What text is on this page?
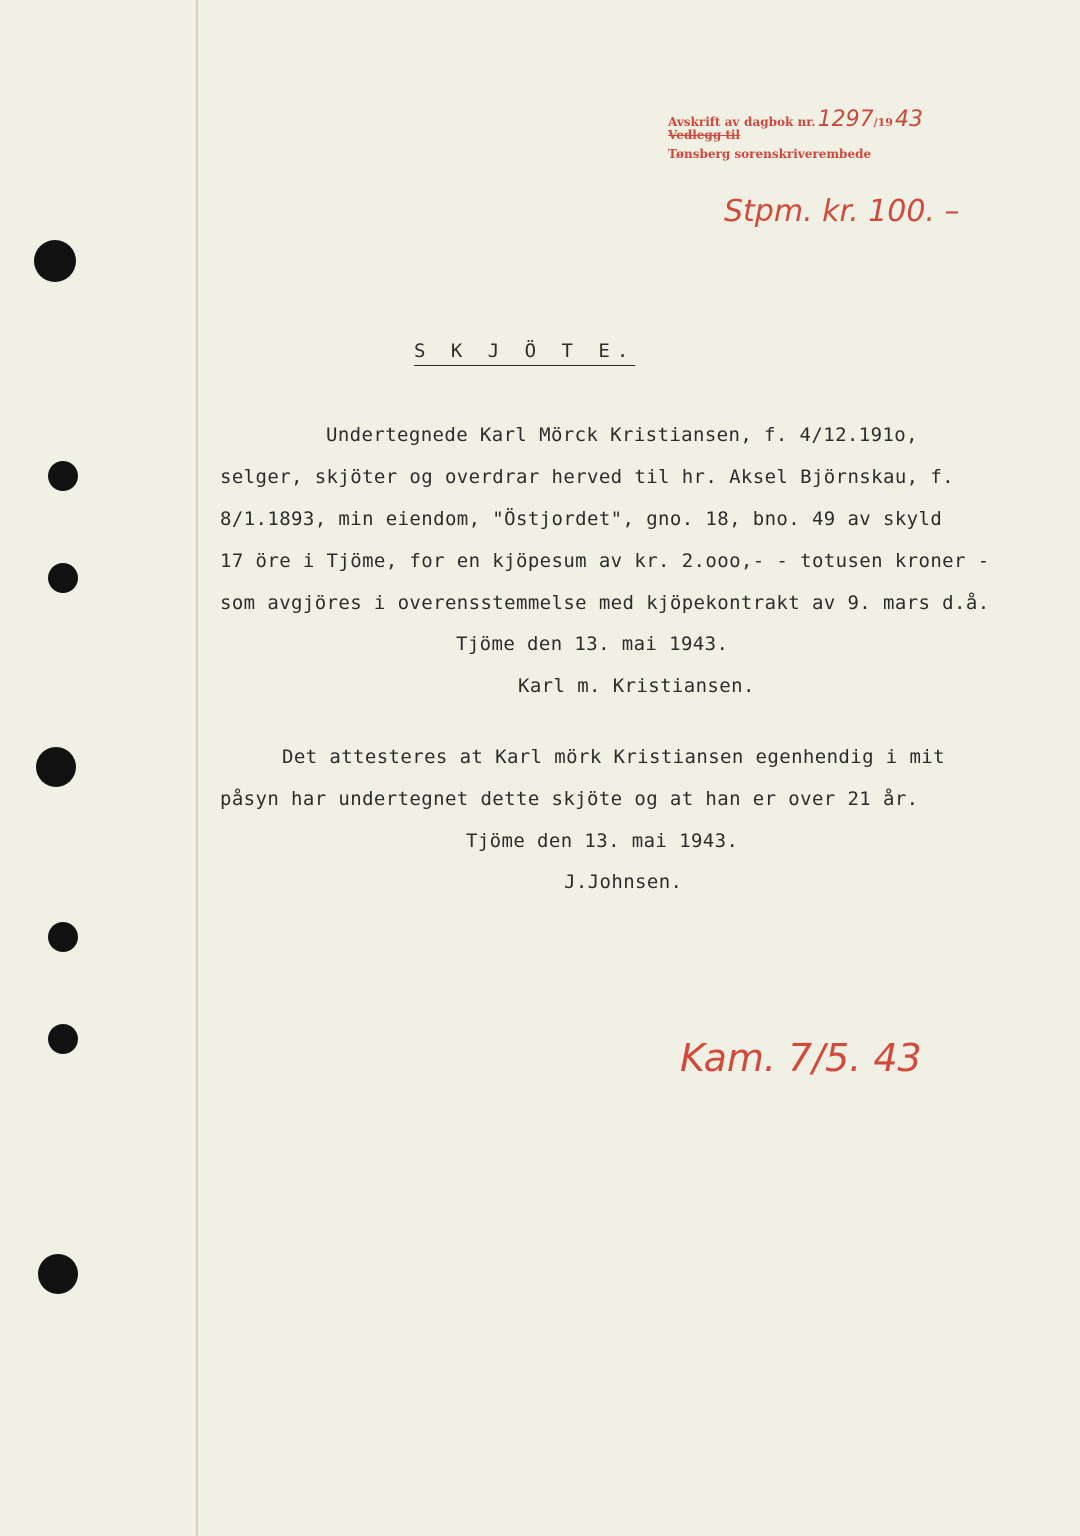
Avskrift av
Vedlegg til
dagbok nr. 1297 /19 43
Tønsberg sorenskriverembede
Stpm. kr. 100. –
S K J Ö T E.
Undertegnede Karl Mörck Kristiansen, f. 4/12.191o,
selger, skjöter og overdrar herved til hr. Aksel Björnskau, f.
8/1.1893, min eiendom, "Östjordet", gno. 18, bno. 49 av skyld
17 öre i Tjöme, for en kjöpesum av kr. 2.ooo,- - totusen kroner -
som avgjöres i overensstemmelse med kjöpekontrakt av 9. mars d.å.
Tjöme den 13. mai 1943.
Karl m. Kristiansen.
Det attesteres at Karl mörk Kristiansen egenhendig i mit
påsyn har undertegnet dette skjöte og at han er over 21 år.
Tjöme den 13. mai 1943.
J.Johnsen.
Kam. 7/5. 43
